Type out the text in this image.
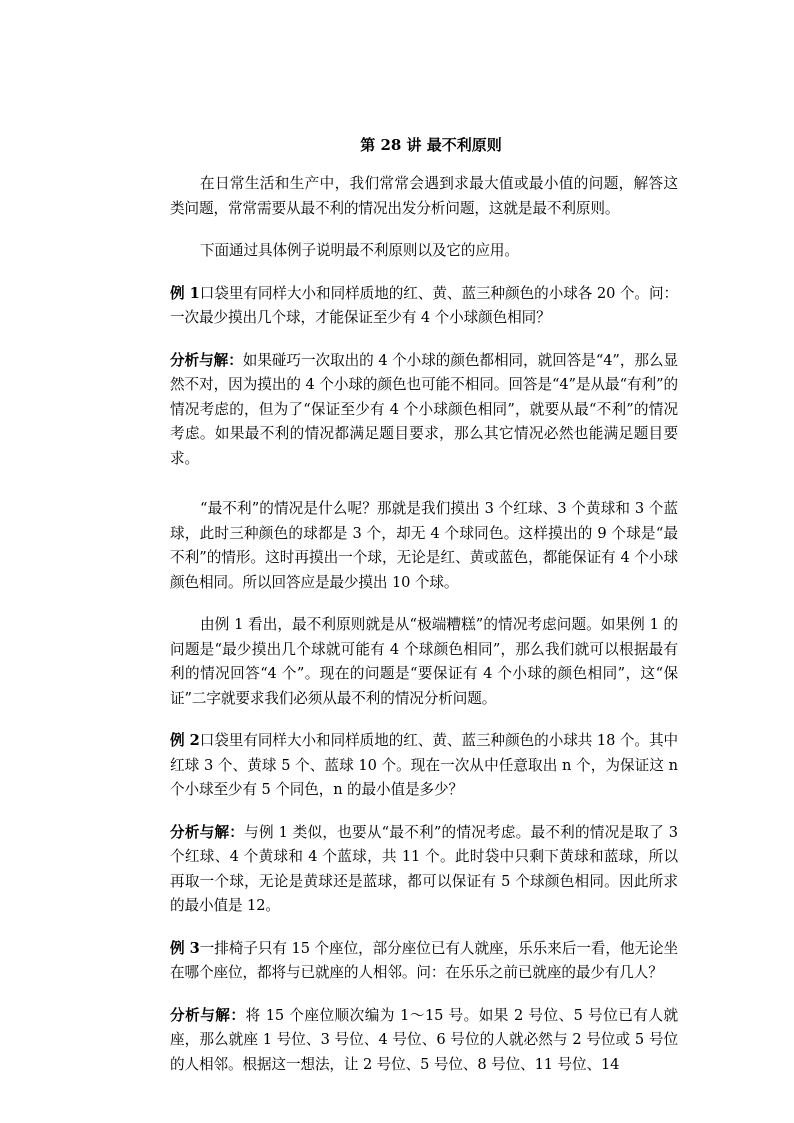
第 28 讲 最不利原则

在日常生活和生产中，我们常常会遇到求最大值或最小值的问题，解答这类问题，常常需要从最不利的情况出发分析问题，这就是最不利原则。

下面通过具体例子说明最不利原则以及它的应用。

例 1口袋里有同样大小和同样质地的红、黄、蓝三种颜色的小球各 20 个。问：一次最少摸出几个球，才能保证至少有 4 个小球颜色相同？

分析与解：如果碰巧一次取出的 4 个小球的颜色都相同，就回答是“4”，那么显然不对，因为摸出的 4 个小球的颜色也可能不相同。回答是“4”是从最“有利”的情况考虑的，但为了“保证至少有 4 个小球颜色相同”，就要从最“不利”的情况考虑。如果最不利的情况都满足题目要求，那么其它情况必然也能满足题目要求。

“最不利”的情况是什么呢？那就是我们摸出 3 个红球、3 个黄球和 3 个蓝球，此时三种颜色的球都是 3 个，却无 4 个球同色。这样摸出的 9 个球是“最不利”的情形。这时再摸出一个球，无论是红、黄或蓝色，都能保证有 4 个小球颜色相同。所以回答应是最少摸出 10 个球。

由例 1 看出，最不利原则就是从“极端糟糕”的情况考虑问题。如果例 1 的问题是“最少摸出几个球就可能有 4 个球颜色相同”，那么我们就可以根据最有利的情况回答“4 个”。现在的问题是“要保证有 4 个小球的颜色相同”，这“保证”二字就要求我们必须从最不利的情况分析问题。

例 2口袋里有同样大小和同样质地的红、黄、蓝三种颜色的小球共 18 个。其中红球 3 个、黄球 5 个、蓝球 10 个。现在一次从中任意取出 n 个，为保证这 n 个小球至少有 5 个同色，n 的最小值是多少？

分析与解：与例 1 类似，也要从“最不利”的情况考虑。最不利的情况是取了 3 个红球、4 个黄球和 4 个蓝球，共 11 个。此时袋中只剩下黄球和蓝球，所以再取一个球，无论是黄球还是蓝球，都可以保证有 5 个球颜色相同。因此所求的最小值是 12。

例 3一排椅子只有 15 个座位，部分座位已有人就座，乐乐来后一看，他无论坐在哪个座位，都将与已就座的人相邻。问：在乐乐之前已就座的最少有几人？

分析与解：将 15 个座位顺次编为 1～15 号。如果 2 号位、5 号位已有人就座，那么就座 1 号位、3 号位、4 号位、6 号位的人就必然与 2 号位或 5 号位的人相邻。根据这一想法，让 2 号位、5 号位、8 号位、11 号位、14
